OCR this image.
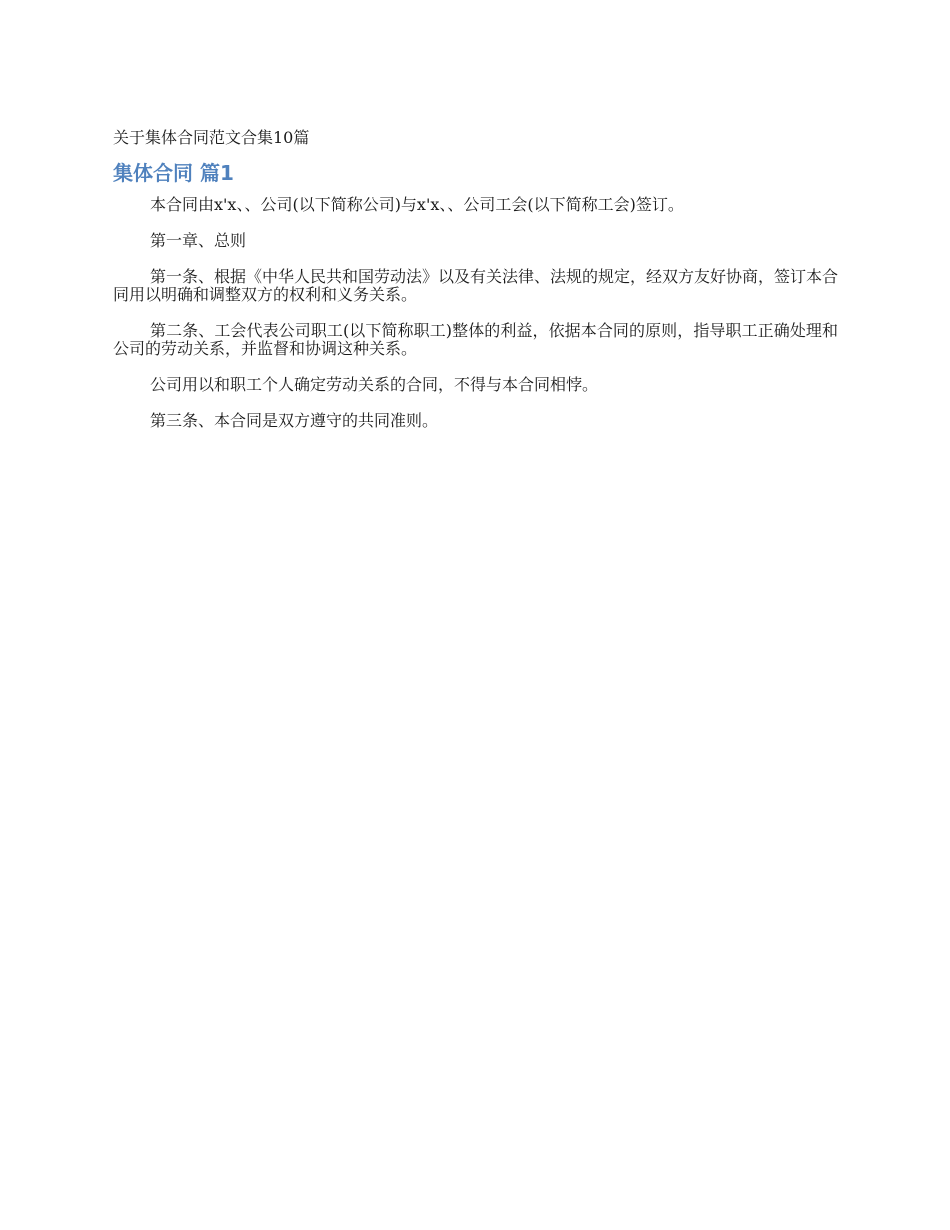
关于集体合同范文合集10篇
集体合同 篇1

本合同由x'x、、公司(以下简称公司)与x'x、、公司工会(以下简称工会)签订。

第一章、总则

第一条、根据《中华人民共和国劳动法》以及有关法律、法规的规定，经双方友好协商，签订本合同用以明确和调整双方的权利和义务关系。

第二条、工会代表公司职工(以下简称职工)整体的利益，依据本合同的原则，指导职工正确处理和公司的劳动关系，并监督和协调这种关系。

公司用以和职工个人确定劳动关系的合同，不得与本合同相悖。

第三条、本合同是双方遵守的共同准则。
